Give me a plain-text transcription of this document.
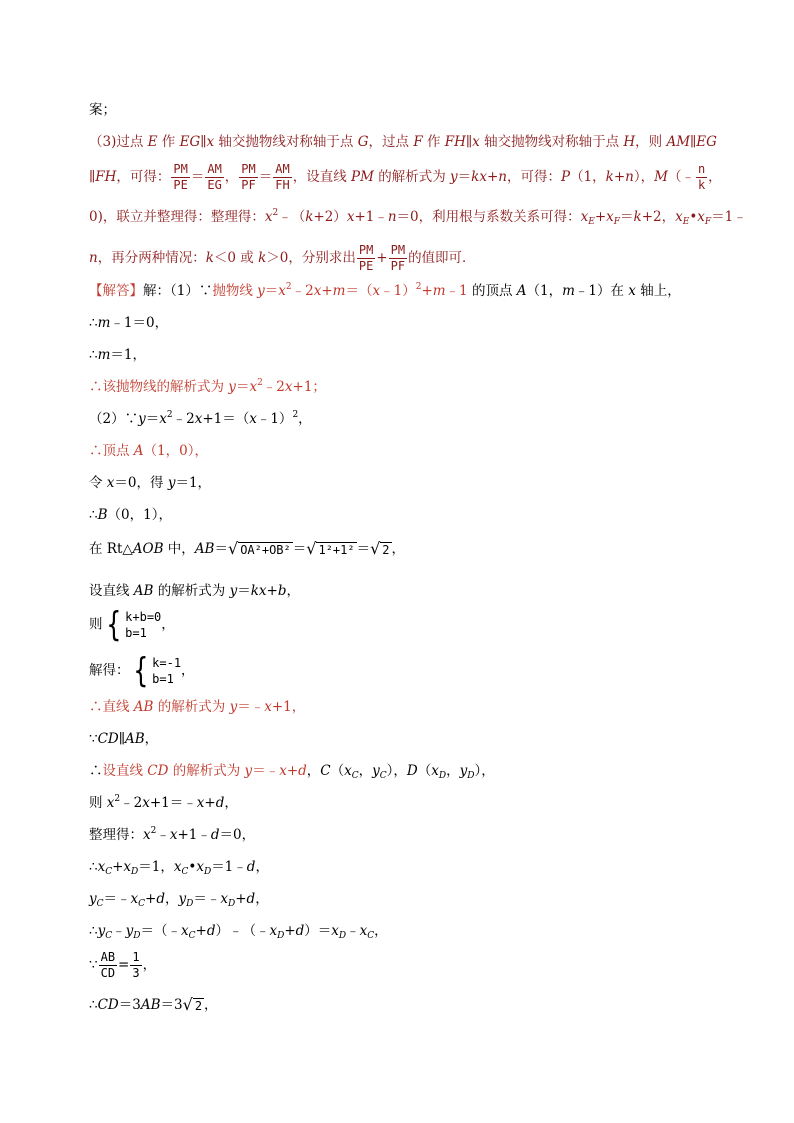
案；
（3)过点 E 作 EG∥x 轴交抛物线对称轴于点 G，过点 F 作 FH∥x 轴交抛物线对称轴于点 H，则 AM∥EG
∥FH，可得： $\frac{PM}{PE} = \frac{AM}{EG}$ ， $\frac{PM}{PF} = \frac{AM}{FH}$ ，设直线 PM 的解析式为 y＝kx+n，可得：P（1，k+n），M（﹣ $\frac{n}{k}$ ，
0)，联立并整理得：整理得：$x^2﹣(k+2)x+1﹣n=0$，利用根与系数关系可得：$x_E+x_F=k+2$，$x_E•x_F=1﹣$
n，再分两种情况：k＜0 或 k＞0，分别求出 $\frac{PM}{PE} + \frac{PM}{PF}$ 的值即可．
【解答】解：（1）∵抛物线 $y=x^2﹣2x+m=(x﹣1)^2+m﹣1$ 的顶点 A（1，m﹣1）在 x 轴上，
∴m﹣1＝0，
∴m＝1，
∴该抛物线的解析式为 $y=x^2﹣2x+1$；
$(2)\because y=x^2﹣2x+1=(x﹣1)^2$，
∴顶点 A（1，0），
令 x＝0，得 y＝1，
∴B（0，1），
在 Rt△AOB 中，AB＝√ OA²+OB² ＝√ 1²+1² ＝√ 2 ，
设直线 AB 的解析式为 y＝kx+b，
则 { k+b=0
b=1
，
解得： { k=-1
b=1
，
∴直线 AB 的解析式为 y＝﹣x+1，
∵CD∥AB，
∴设直线 CD 的解析式为 y＝﹣x+d，$C(x_C$，$y_C$），$D(x_D$，$y_D$），
则 $x^2﹣2x+1=﹣x+d$，
整理得：$x^2﹣x+1﹣d=0$，
$\therefore x_C+x_D=1$，$x_C•x_D=1﹣d$，
$y_C=﹣x_C+d$，$y_D=﹣x_D+d$，
$\therefore y_C﹣y_D=(﹣x_C+d)﹣(﹣x_D+d)=x_D﹣x_C$，
∵ $\frac{AB}{CD} = \frac{1}{3}$ ，
∴CD＝3AB＝3√ 2 ，
